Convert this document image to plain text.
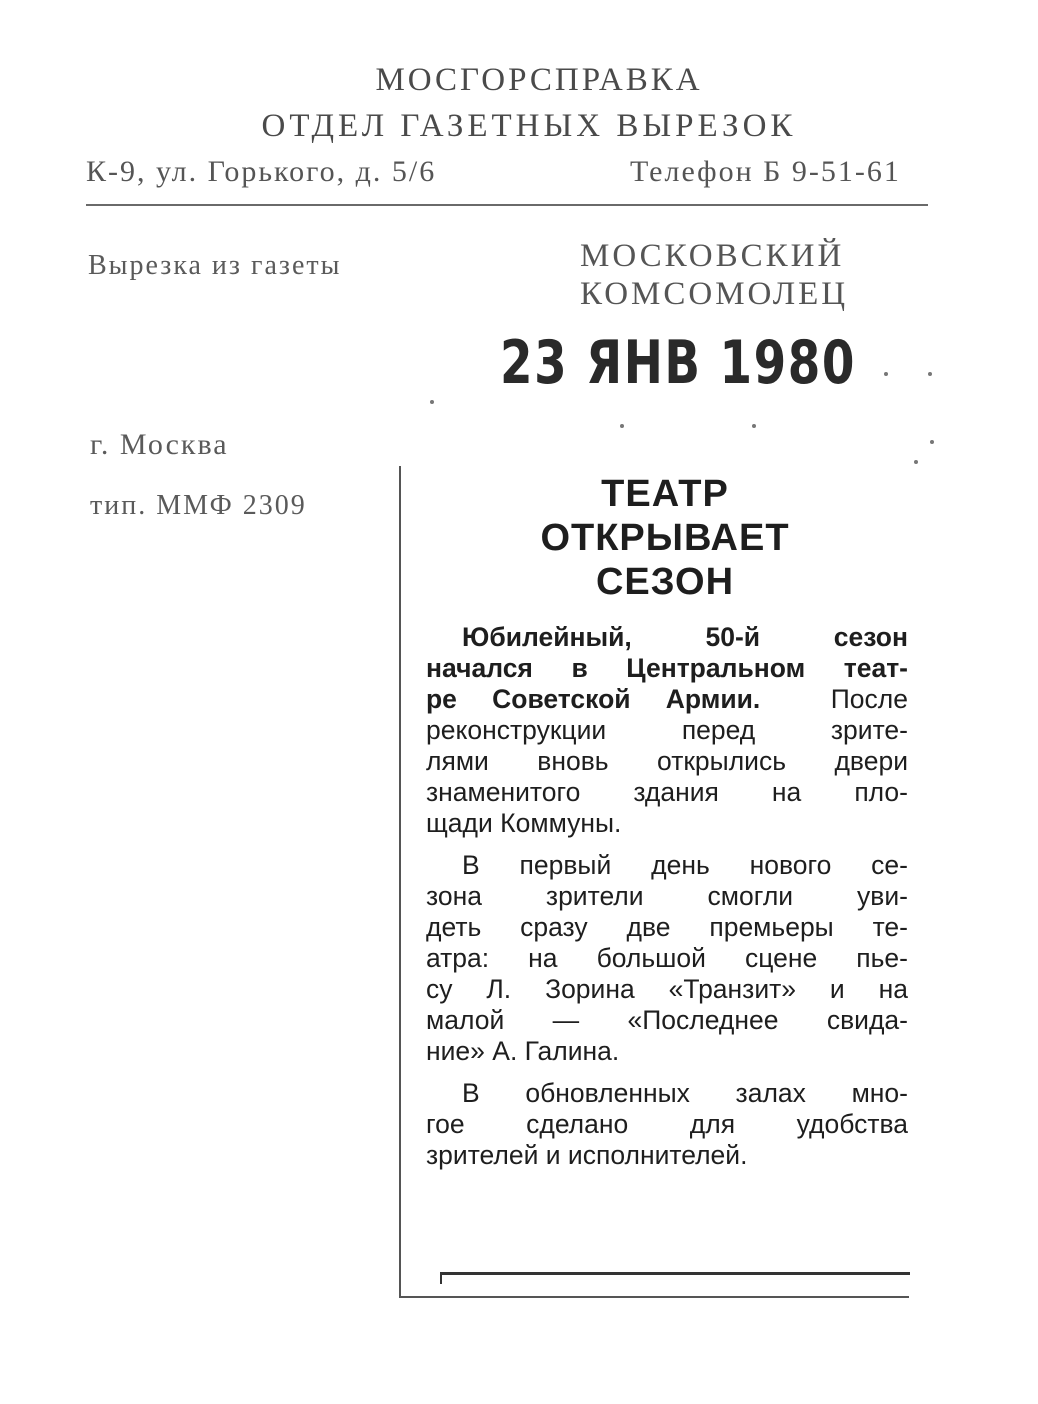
МОСГОРСПРАВКА
ОТДЕЛ ГАЗЕТНЫХ ВЫРЕЗОК
К-9, ул. Горького, д. 5/6	Телефон Б 9-51-61
Вырезка из газеты	МОСКОВСКИЙ
КОМСОМОЛЕЦ
23 ЯНВ 1980
г. Москва
тип. ММФ 2309	ТЕАТР
ОТКРЫВАЕТ
СЕЗОН
Юбилейный, 50-й сезон
начался в Центральном теат-
ре Советской Армии.	После
реконструкции перед зрите-
лями вновь открылись двери
знаменитого здания на пло-
щади Коммуны.
В первый день нового се-
зона зрители смогли уви-
деть сразу две премьеры те-
атра: на большой сцене пье-
су Л. Зорина «Транзит» и на
малой — «Последнее свида-
ние» А. Галина.
В обновленных залах мно-
гое сделано для удобства
зрителей и исполнителей.
